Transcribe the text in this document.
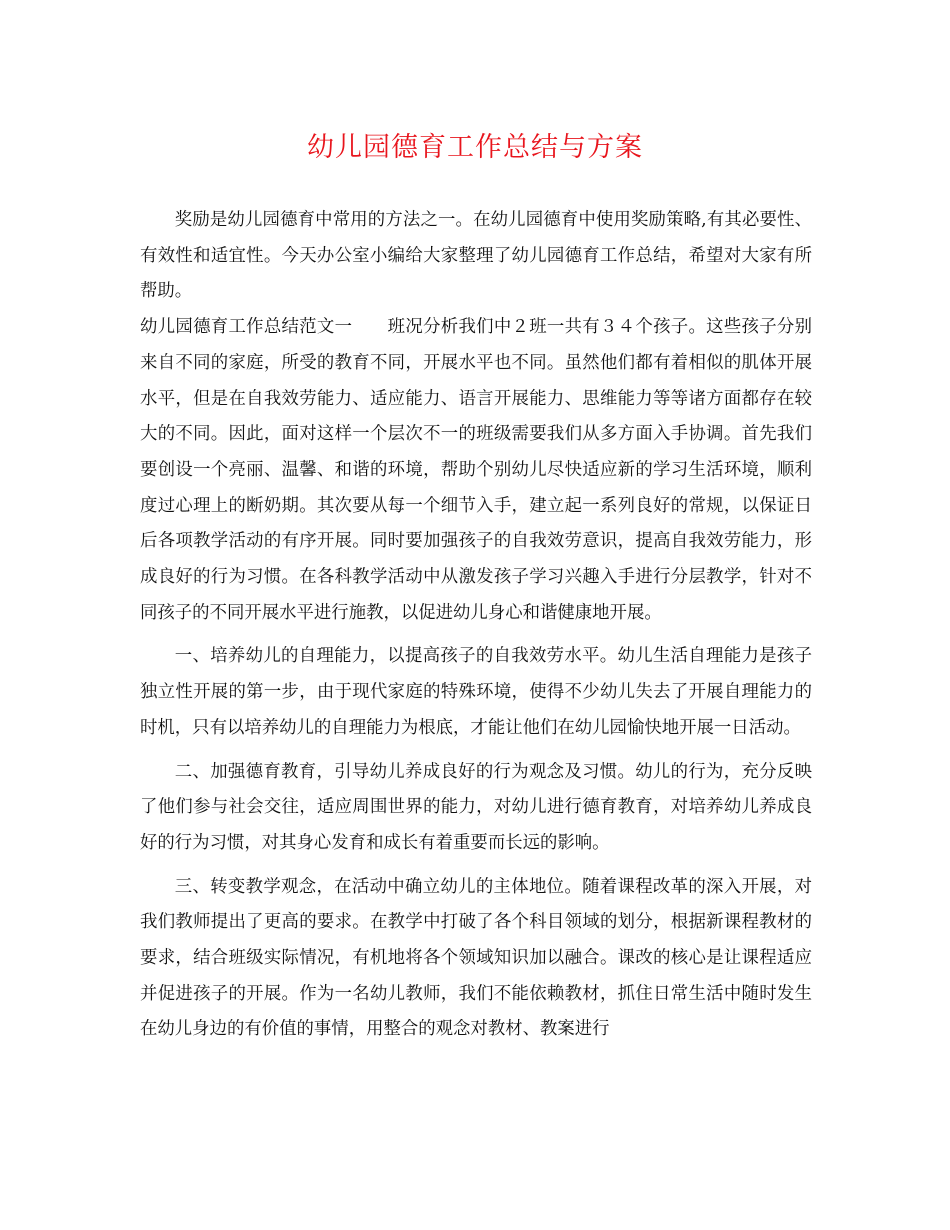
幼儿园德育工作总结与方案

奖励是幼儿园德育中常用的方法之一。在幼儿园德育中使用奖励策略,有其必要性、有效性和适宜性。今天办公室小编给大家整理了幼儿园德育工作总结，希望对大家有所帮助。

幼儿园德育工作总结范文一　　班况分析我们中２班一共有３４个孩子。这些孩子分别来自不同的家庭，所受的教育不同，开展水平也不同。虽然他们都有着相似的肌体开展水平，但是在自我效劳能力、适应能力、语言开展能力、思维能力等等诸方面都存在较大的不同。因此，面对这样一个层次不一的班级需要我们从多方面入手协调。首先我们要创设一个亮丽、温馨、和谐的环境，帮助个别幼儿尽快适应新的学习生活环境，顺利度过心理上的断奶期。其次要从每一个细节入手，建立起一系列良好的常规，以保证日后各项教学活动的有序开展。同时要加强孩子的自我效劳意识，提高自我效劳能力，形成良好的行为习惯。在各科教学活动中从激发孩子学习兴趣入手进行分层教学，针对不同孩子的不同开展水平进行施教，以促进幼儿身心和谐健康地开展。

一、培养幼儿的自理能力，以提高孩子的自我效劳水平。幼儿生活自理能力是孩子独立性开展的第一步，由于现代家庭的特殊环境，使得不少幼儿失去了开展自理能力的时机，只有以培养幼儿的自理能力为根底，才能让他们在幼儿园愉快地开展一日活动。

二、加强德育教育，引导幼儿养成良好的行为观念及习惯。幼儿的行为，充分反映了他们参与社会交往，适应周围世界的能力，对幼儿进行德育教育，对培养幼儿养成良好的行为习惯，对其身心发育和成长有着重要而长远的影响。

三、转变教学观念，在活动中确立幼儿的主体地位。随着课程改革的深入开展，对我们教师提出了更高的要求。在教学中打破了各个科目领域的划分，根据新课程教材的要求，结合班级实际情况，有机地将各个领域知识加以融合。课改的核心是让课程适应并促进孩子的开展。作为一名幼儿教师，我们不能依赖教材，抓住日常生活中随时发生在幼儿身边的有价值的事情，用整合的观念对教材、教案进行
